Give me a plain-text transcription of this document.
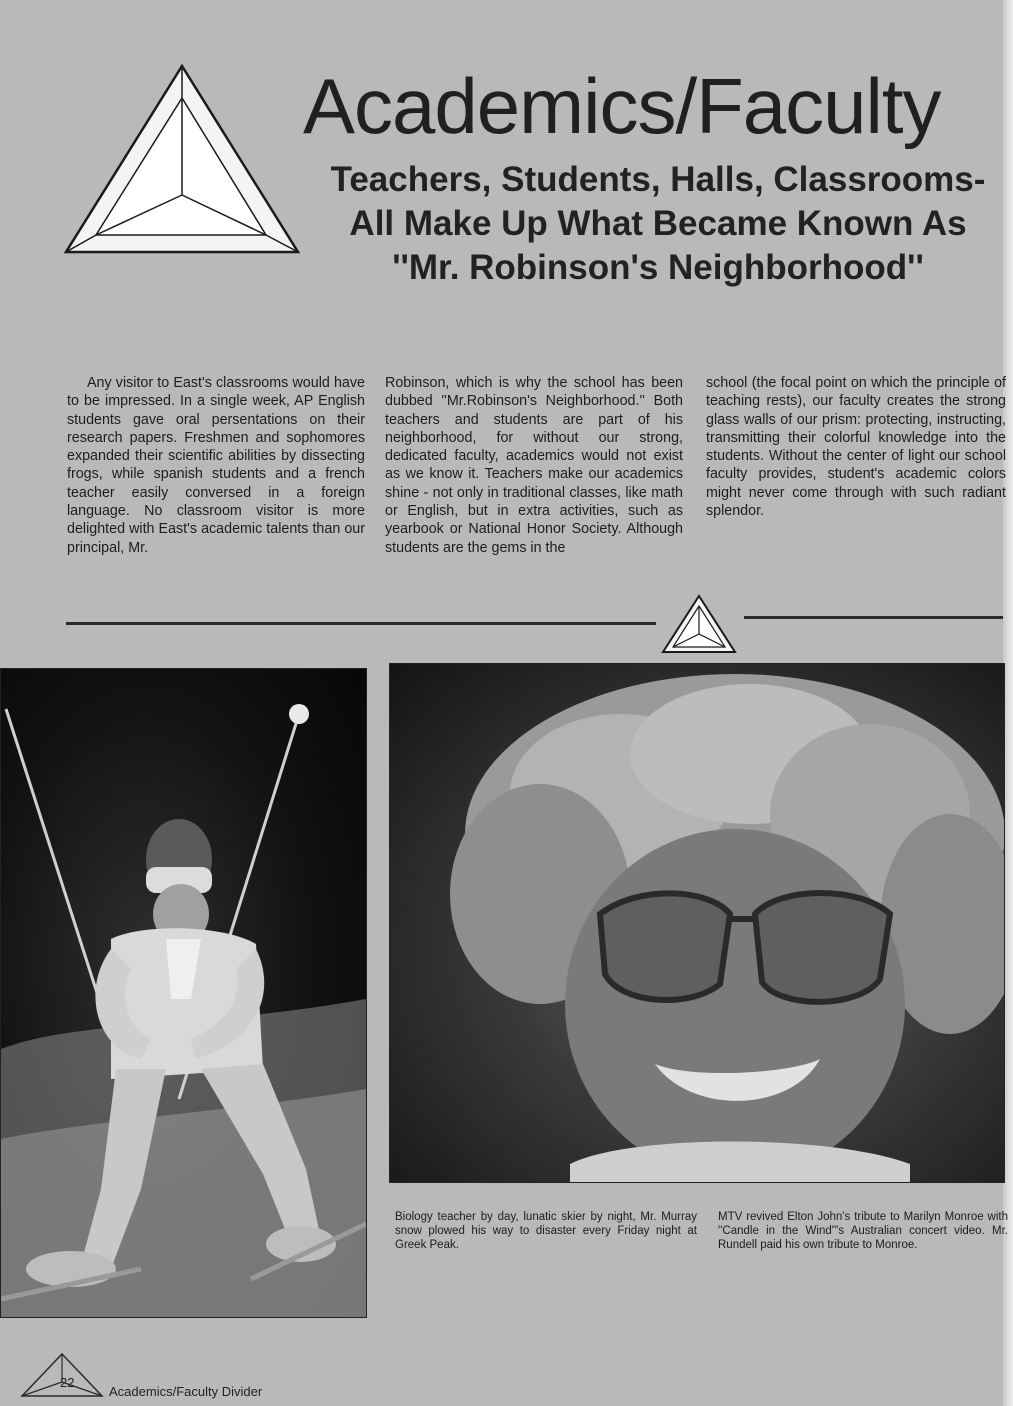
Academics/Faculty
Teachers, Students, Halls, Classrooms- All Make Up What Became Known As ''Mr. Robinson's Neighborhood''

Any visitor to East's classrooms would have to be impressed. In a single week, AP English students gave oral persentations on their research papers. Freshmen and sophomores expanded their scientific abilities by dissecting frogs, while spanish students and a french teacher easily conversed in a foreign language. No classroom visitor is more delighted with East's academic talents than our principal, Mr.

Robinson, which is why the school has been dubbed ''Mr.Robinson's Neighborhood.'' Both teachers and students are part of his neighborhood, for without our strong, dedicated faculty, academics would not exist as we know it. Teachers make our academics shine - not only in traditional classes, like math or English, but in extra activities, such as yearbook or National Honor Society. Although students are the gems in the

school (the focal point on which the principle of teaching rests), our faculty creates the strong glass walls of our prism: protecting, instructing, transmitting their colorful knowledge into the students. Without the center of light our school faculty provides, student's academic colors might never come through with such radiant splendor.

Biology teacher by day, lunatic skier by night, Mr. Murray snow plowed his way to disaster every Friday night at Greek Peak.

MTV revived Elton John's tribute to Marilyn Monroe with ''Candle in the Wind'''s Australian concert video. Mr. Rundell paid his own tribute to Monroe.

22
Academics/Faculty Divider
